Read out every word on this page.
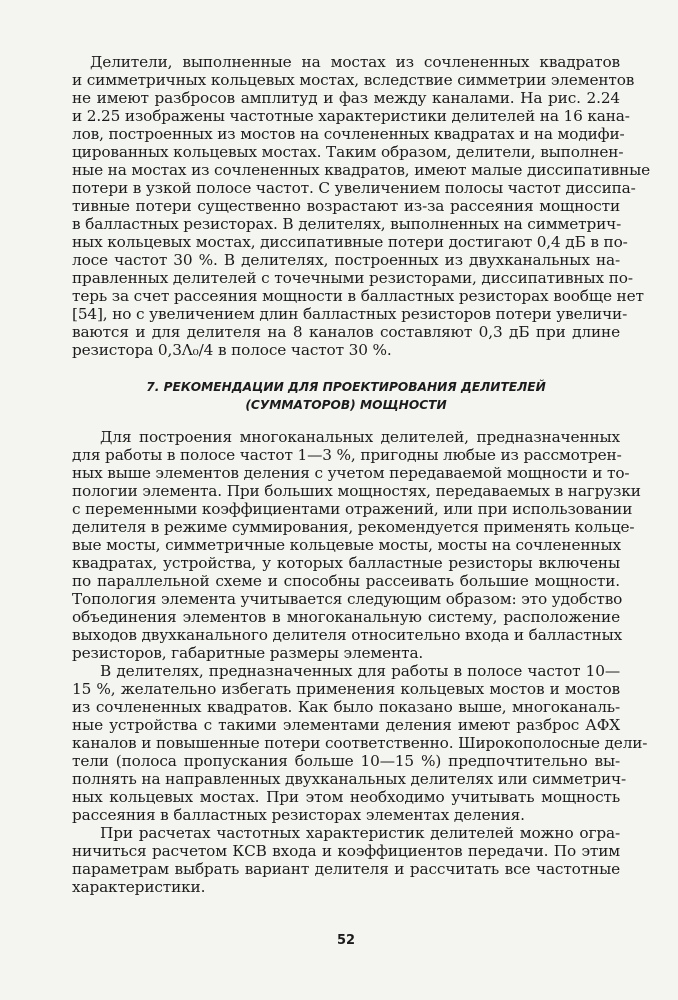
Делители, выполненные на мостах из сочлененных квадратов
и симметричных кольцевых мостах, вследствие симметрии элементов
не имеют разбросов амплитуд и фаз между каналами. На рис. 2.24
и 2.25 изображены частотные характеристики делителей на 16 кана-
лов, построенных из мостов на сочлененных квадратах и на модифи-
цированных кольцевых мостах. Таким образом, делители, выполнен-
ные на мостах из сочлененных квадратов, имеют малые диссипативные
потери в узкой полосе частот. С увеличением полосы частот диссипа-
тивные потери существенно возрастают из-за рассеяния мощности
в балластных резисторах. В делителях, выполненных на симметрич-
ных кольцевых мостах, диссипативные потери достигают 0,4 дБ в по-
лосе частот 30 %. В делителях, построенных из двухканальных на-
правленных делителей с точечными резисторами, диссипативных по-
терь за счет рассеяния мощности в балластных резисторах вообще нет
[54], но с увеличением длин балластных резисторов потери увеличи-
ваются и для делителя на 8 каналов составляют 0,3 дБ при длине
резистора 0,3Λ₀/4 в полосе частот 30 %.
7. РЕКОМЕНДАЦИИ ДЛЯ ПРОЕКТИРОВАНИЯ ДЕЛИТЕЛЕЙ
(СУММАТОРОВ) МОЩНОСТИ
Для построения многоканальных делителей, предназначенных
для работы в полосе частот 1—3 %, пригодны любые из рассмотрен-
ных выше элементов деления с учетом передаваемой мощности и то-
пологии элемента. При больших мощностях, передаваемых в нагрузки
с переменными коэффициентами отражений, или при использовании
делителя в режиме суммирования, рекомендуется применять кольце-
вые мосты, симметричные кольцевые мосты, мосты на сочлененных
квадратах, устройства, у которых балластные резисторы включены
по параллельной схеме и способны рассеивать большие мощности.
Топология элемента учитывается следующим образом: это удобство
объединения элементов в многоканальную систему, расположение
выходов двухканального делителя относительно входа и балластных
резисторов, габаритные размеры элемента.
В делителях, предназначенных для работы в полосе частот 10—
15 %, желательно избегать применения кольцевых мостов и мостов
из сочлененных квадратов. Как было показано выше, многоканаль-
ные устройства с такими элементами деления имеют разброс АФХ
каналов и повышенные потери соответственно. Широкополосные дели-
тели (полоса пропускания больше 10—15 %) предпочтительно вы-
полнять на направленных двухканальных делителях или симметрич-
ных кольцевых мостах. При этом необходимо учитывать мощность
рассеяния в балластных резисторах элементах деления.
При расчетах частотных характеристик делителей можно огра-
ничиться расчетом КСВ входа и коэффициентов передачи. По этим
параметрам выбрать вариант делителя и рассчитать все частотные
характеристики.
52
